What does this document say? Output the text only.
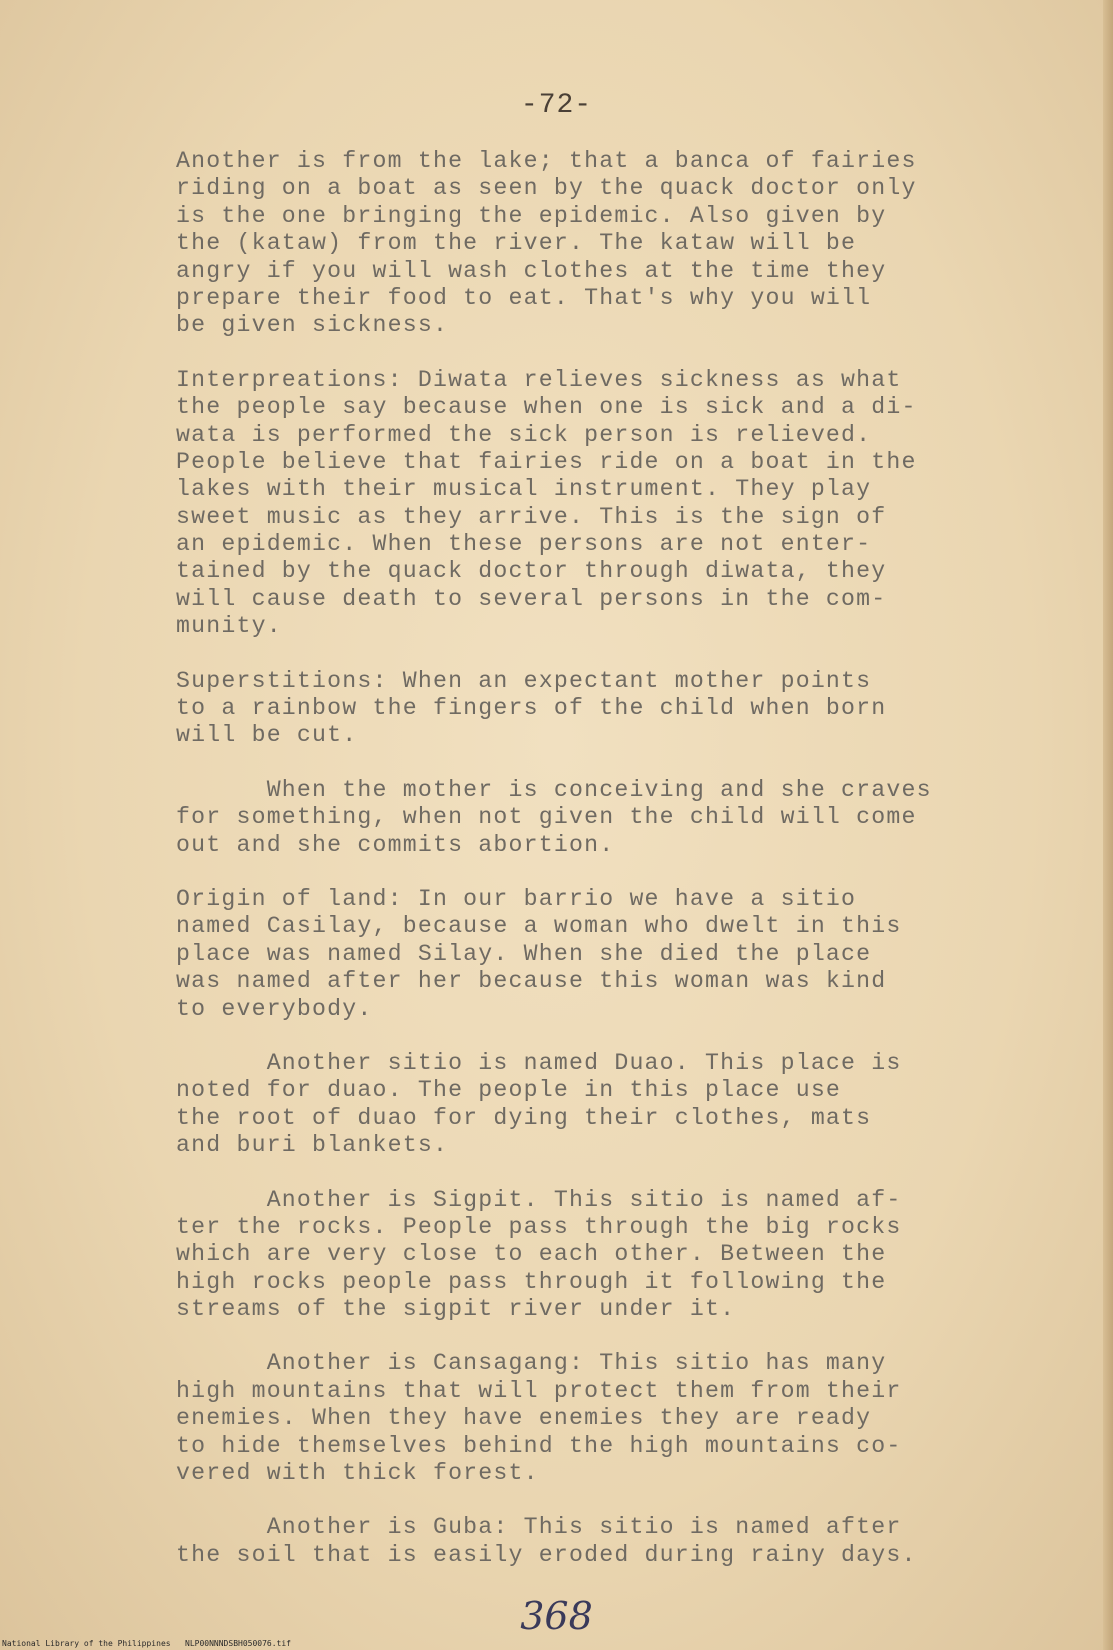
-72-
Another is from the lake; that a banca of fairies
riding on a boat as seen by the quack doctor only
is the one bringing the epidemic. Also given by
the (kataw) from the river. The kataw will be
angry if you will wash clothes at the time they
prepare their food to eat. That's why you will
be given sickness.
Interpreations: Diwata relieves sickness as what
the people say because when one is sick and a di-
wata is performed the sick person is relieved.
People believe that fairies ride on a boat in the
lakes with their musical instrument. They play
sweet music as they arrive. This is the sign of
an epidemic. When these persons are not enter-
tained by the quack doctor through diwata, they
will cause death to several persons in the com-
munity.
Superstitions: When an expectant mother points
to a rainbow the fingers of the child when born
will be cut.
When the mother is conceiving and she craves
for something, when not given the child will come
out and she commits abortion.
Origin of land: In our barrio we have a sitio
named Casilay, because a woman who dwelt in this
place was named Silay. When she died the place
was named after her because this woman was kind
to everybody.
Another sitio is named Duao. This place is
noted for duao. The people in this place use
the root of duao for dying their clothes, mats
and buri blankets.
Another is Sigpit. This sitio is named af-
ter the rocks. People pass through the big rocks
which are very close to each other. Between the
high rocks people pass through it following the
streams of the sigpit river under it.
Another is Cansagang: This sitio has many
high mountains that will protect them from their
enemies. When they have enemies they are ready
to hide themselves behind the high mountains co-
vered with thick forest.
Another is Guba: This sitio is named after
the soil that is easily eroded during rainy days.
368
National Library of the Philippines   NLP00NNNDSBH050076.tif
